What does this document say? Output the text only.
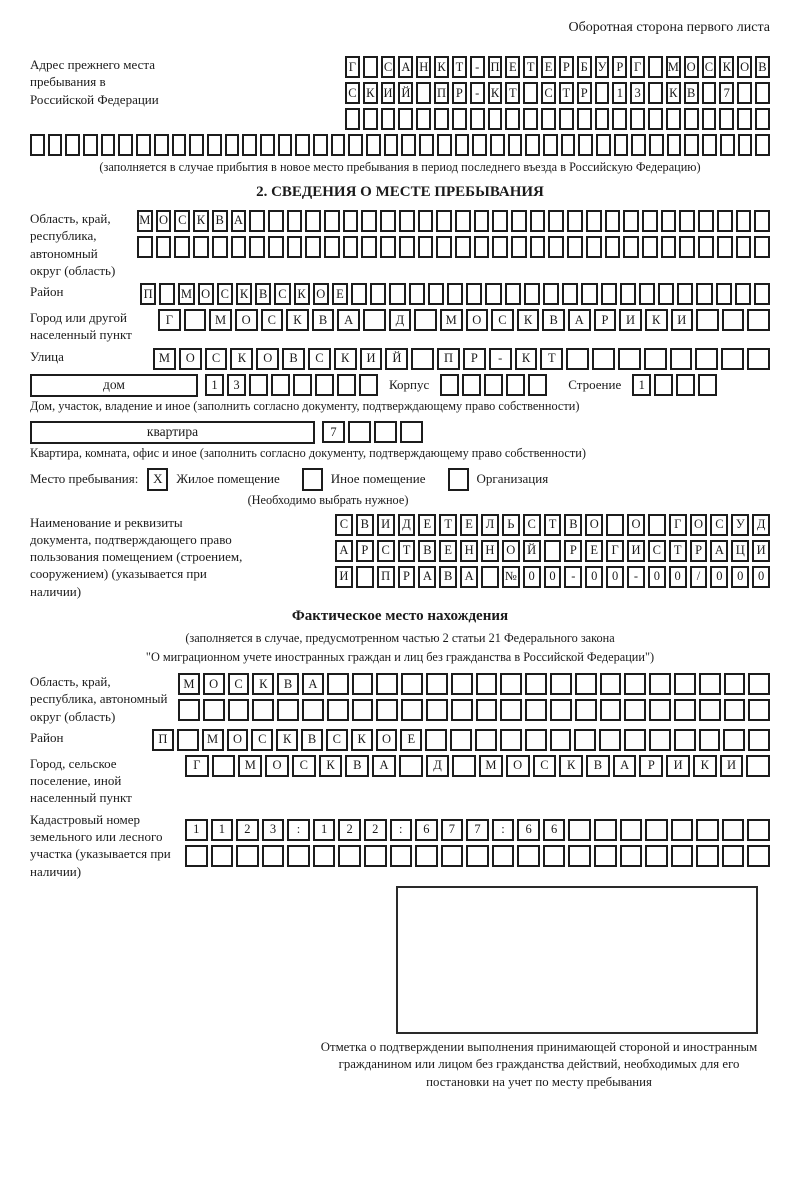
Оборотная сторона первого листа
Адрес прежнего места пребывания в Российской Федерации
Г	С А Н К Т - П Е Т Е Р Б У Р Г	М О С К О В
С К И Й П Р - К Т С Т Р	1 3	К В	7
(заполняется в случае прибытия в новое место пребывания в период последнего въезда в Российскую Федерацию)
2. СВЕДЕНИЯ О МЕСТЕ ПРЕБЫВАНИЯ
Область, край, республика, автономный округ (область)
М О С К В А
Район	П М О С К В С К О Е
Город или другой населенный пункт
Г	М	О	С	К	В	А	Д	М	О	С	К	В	А	Р	И	К	И
Улица	М	О	С	К	О	В	С	К	И	Й	П	Р	-	К	Т
дом	1	3	Корпус	Строение	1
Дом, участок, владение и иное (заполнить согласно документу, подтверждающему право собственности)
квартира	7
Квартира, комната, офис и иное (заполнить согласно документу, подтверждающему право собственности)
Место пребывания:	X	Жилое помещение	Иное помещение	Организация
(Необходимо выбрать нужное)
Наименование и реквизиты документа, подтверждающего право пользования помещением (строением, сооружением) (указывается при наличии)
С	В И Д	Е	Т	Е	Л	Ь	С	Т	В О	О	Г	О С У Д
А	Р	С	Т	В	Е	Н Н О Й	Р	Е	Г	И С	Т	Р	А Ц И
И	П	Р	А В А	№ 0	0	-	0	0	-	0	0	/	0	0	0
Фактическое место нахождения
(заполняется в случае, предусмотренном частью 2 статьи 21 Федерального закона
"О миграционном учете иностранных граждан и лиц без гражданства в Российской Федерации")
Область, край, республика, автономный округ (область)
М	О	С	К	В	А
Район	П	М	О	С	К	В	С	К	О	Е
Город, сельское поселение, иной населенный пункт
Г	М	О	С	К	В	А	Д	М	О	С	К	В	А	Р	И	К	И
Кадастровый номер земельного или лесного участка (указывается при наличии)
1	1	2	3	:	1	2	2	:	6	7	7	:	6	6
Отметка о подтверждении выполнения принимающей стороной и иностранным гражданином или лицом без гражданства действий, необходимых для его постановки на учет по месту пребывания
